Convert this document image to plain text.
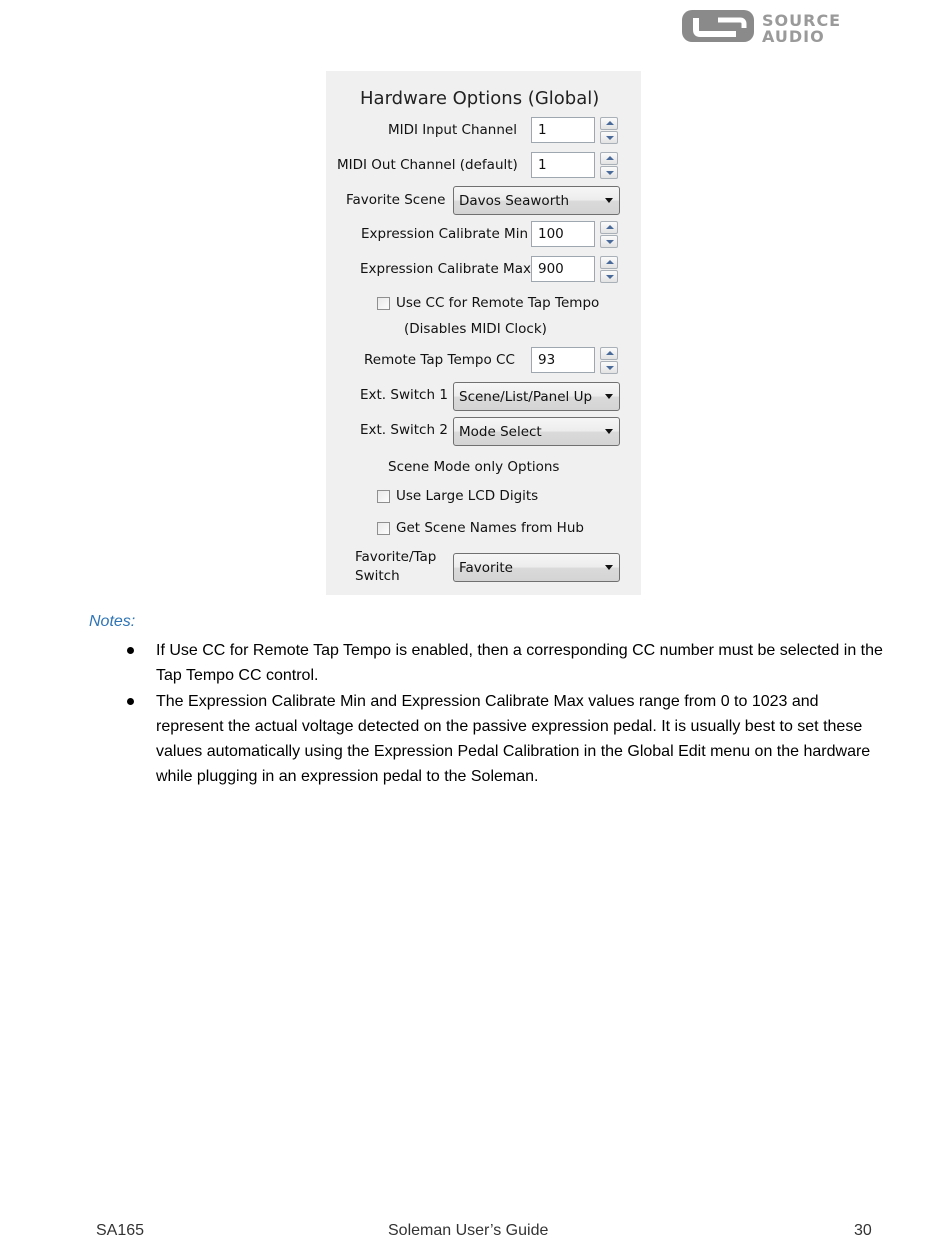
SOURCE
AUDIO
Hardware Options (Global)
MIDI Input Channel	1
MIDI Out Channel (default)	1
Favorite Scene	Davos Seaworth
Expression Calibrate Min 100
Expression Calibrate Max 900
Use CC for Remote Tap Tempo
(Disables MIDI Clock)
Remote Tap Tempo CC	93
Ext. Switch 1 Scene/List/Panel Up
Ext. Switch 2 Mode Select
Scene Mode only Options
Use Large LCD Digits
Get Scene Names from Hub
Favorite/Tap
Switch	Favorite
Notes:
If Use CC for Remote Tap Tempo is enabled, then a corresponding CC number must be selected in the Tap Tempo CC control.
The Expression Calibrate Min and Expression Calibrate Max values range from 0 to 1023 and represent the actual voltage detected on the passive expression pedal. It is usually best to set these values automatically using the Expression Pedal Calibration in the Global Edit menu on the hardware while plugging in an expression pedal to the Soleman.
SA165	Soleman User’s Guide	30
